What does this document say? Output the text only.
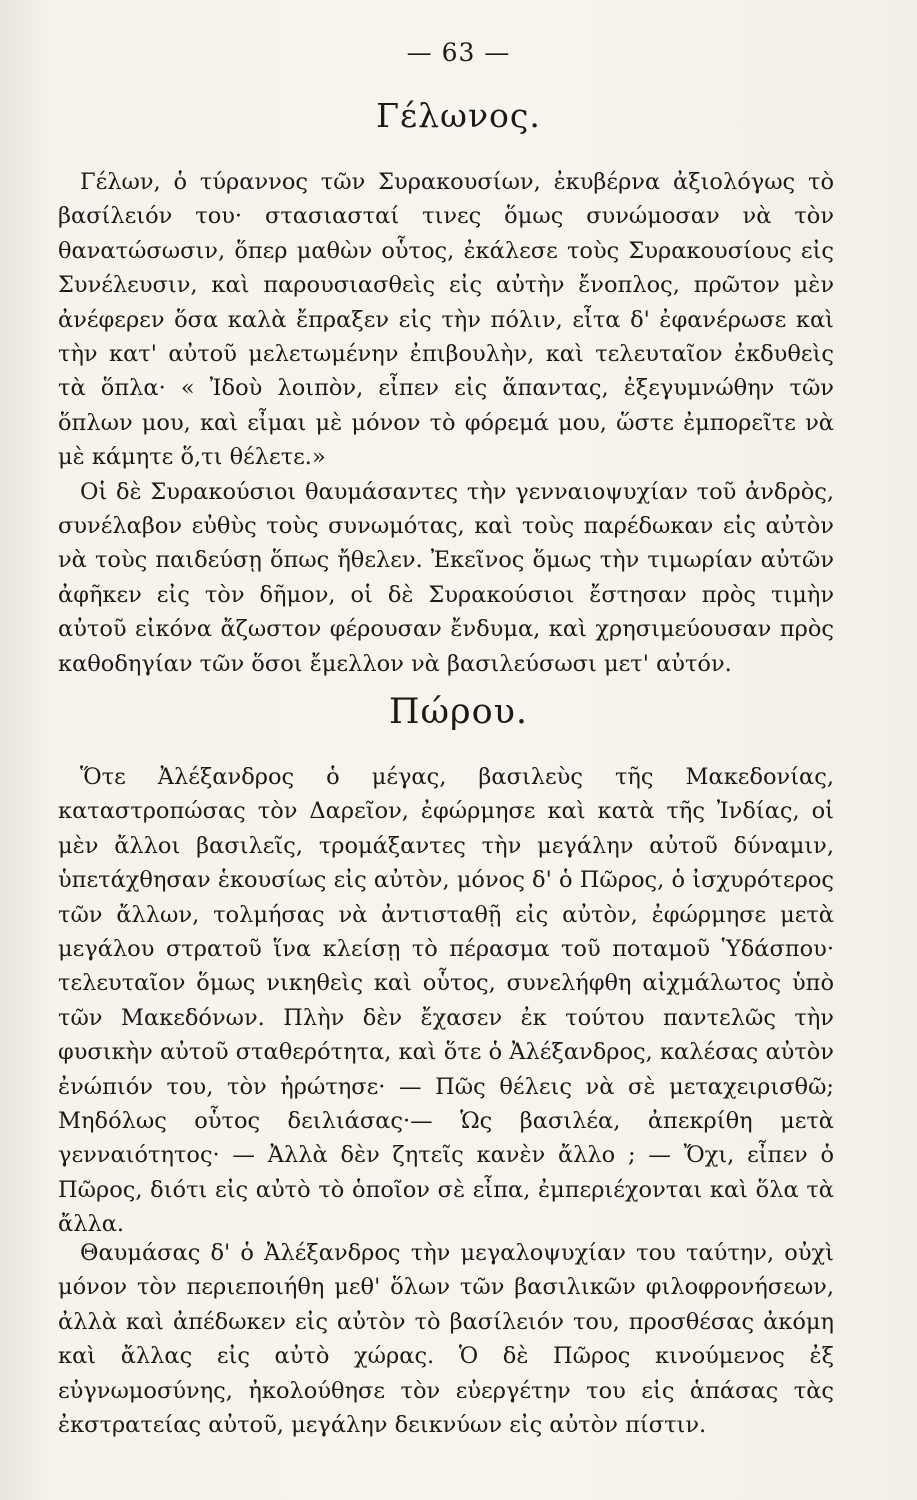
— 63 —
Γέλωνος.

Γέλων, ὁ τύραννος τῶν Συρακουσίων, ἐκυβέρνα ἀξιολόγως τὸ βασίλειόν του· στασιασταί τινες ὅμως συνώμοσαν νὰ τὸν θανατώσωσιν, ὅπερ μαθὼν οὗτος, ἐκάλεσε τοὺς Συρακουσίους εἰς Συνέλευσιν, καὶ παρουσιασθεὶς εἰς αὐτὴν ἔνοπλος, πρῶτον μὲν ἀνέφερεν ὅσα καλὰ ἔπραξεν εἰς τὴν πόλιν, εἶτα δ' ἐφανέρωσε καὶ τὴν κατ' αὐτοῦ μελετωμένην ἐπιβουλὴν, καὶ τελευταῖον ἐκδυθεὶς τὰ ὅπλα· « Ἰδοὺ λοιπὸν, εἶπεν εἰς ἅπαντας, ἐξεγυμνώθην τῶν ὅπλων μου, καὶ εἶμαι μὲ μόνον τὸ φόρεμά μου, ὥστε ἐμπορεῖτε νὰ μὲ κάμητε ὅ,τι θέλετε.»

Οἱ δὲ Συρακούσιοι θαυμάσαντες τὴν γενναιοψυχίαν τοῦ ἀνδρὸς, συνέλαβον εὐθὺς τοὺς συνωμότας, καὶ τοὺς παρέδωκαν εἰς αὐτὸν νὰ τοὺς παιδεύσῃ ὅπως ἤθελεν. Ἐκεῖνος ὅμως τὴν τιμωρίαν αὐτῶν ἀφῆκεν εἰς τὸν δῆμον, οἱ δὲ Συρακούσιοι ἔστησαν πρὸς τιμὴν αὐτοῦ εἰκόνα ἄζωστον φέρουσαν ἔνδυμα, καὶ χρησιμεύουσαν πρὸς καθοδηγίαν τῶν ὅσοι ἔμελλον νὰ βασιλεύσωσι μετ' αὐτόν.

Πώρου.

Ὅτε Ἀλέξανδρος ὁ μέγας, βασιλεὺς τῆς Μακεδονίας, καταστροπώσας τὸν Δαρεῖον, ἐφώρμησε καὶ κατὰ τῆς Ἰνδίας, οἱ μὲν ἄλλοι βασιλεῖς, τρομάξαντες τὴν μεγάλην αὐτοῦ δύναμιν, ὑπετάχθησαν ἑκουσίως εἰς αὐτὸν, μόνος δ' ὁ Πῶρος, ὁ ἰσχυρότερος τῶν ἄλλων, τολμήσας νὰ ἀντισταθῇ εἰς αὐτὸν, ἐφώρμησε μετὰ μεγάλου στρατοῦ ἵνα κλείσῃ τὸ πέρασμα τοῦ ποταμοῦ Ὑδάσπου· τελευταῖον ὅμως νικηθεὶς καὶ οὗτος, συνελήφθη αἰχμάλωτος ὑπὸ τῶν Μακεδόνων. Πλὴν δὲν ἔχασεν ἐκ τούτου παντελῶς τὴν φυσικὴν αὐτοῦ σταθερότητα, καὶ ὅτε ὁ Ἀλέξανδρος, καλέσας αὐτὸν ἐνώπιόν του, τὸν ἠρώτησε· — Πῶς θέλεις νὰ σὲ μεταχειρισθῶ; Μηδόλως οὗτος δειλιάσας·— Ὡς βασιλέα, ἀπεκρίθη μετὰ γενναιότητος· — Ἀλλὰ δὲν ζητεῖς κανὲν ἄλλο ; — Ὄχι, εἶπεν ὁ Πῶρος, διότι εἰς αὐτὸ τὸ ὁποῖον σὲ εἶπα, ἐμπεριέχονται καὶ ὅλα τὰ ἄλλα.

Θαυμάσας δ' ὁ Ἀλέξανδρος τὴν μεγαλοψυχίαν του ταύτην, οὐχὶ μόνον τὸν περιεποιήθη μεθ' ὅλων τῶν βασιλικῶν φιλοφρονήσεων, ἀλλὰ καὶ ἀπέδωκεν εἰς αὐτὸν τὸ βασίλειόν του, προσθέσας ἀκόμη καὶ ἄλλας εἰς αὐτὸ χώρας. Ὁ δὲ Πῶρος κινούμενος ἐξ εὐγνωμοσύνης, ἠκολούθησε τὸν εὐεργέτην του εἰς ἁπάσας τὰς ἐκστρατείας αὐτοῦ, μεγάλην δεικνύων εἰς αὐτὸν πίστιν.
